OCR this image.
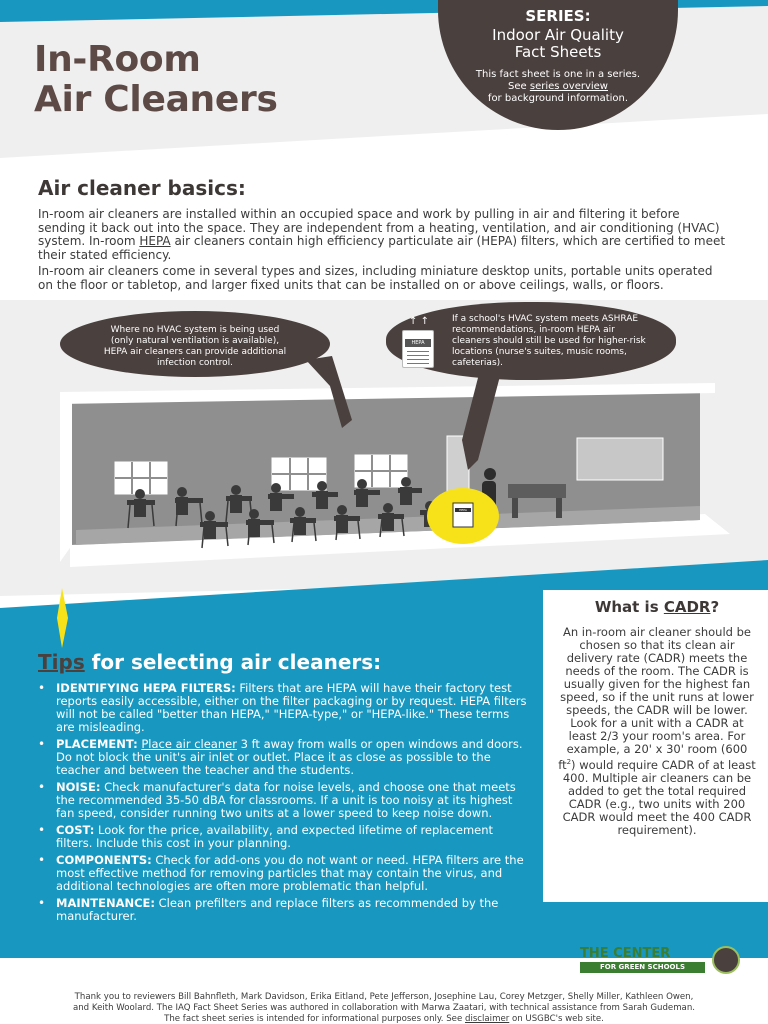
In-Room
Air Cleaners
SERIES:
Indoor Air Quality
Fact Sheets
This fact sheet is one in a series.
See series overview
for background information.
Air cleaner basics:
In-room air cleaners are installed within an occupied space and work by pulling in air and filtering it before sending it back out into the space. They are independent from a heating, ventilation, and air conditioning (HVAC) system. In-room HEPA air cleaners contain high efficiency particulate air (HEPA) filters, which are certified to meet their stated efficiency.
In-room air cleaners come in several types and sizes, including miniature desktop units, portable units operated on the floor or tabletop, and larger fixed units that can be installed on or above ceilings, walls, or floors.
Where no HVAC system is being used (only natural ventilation is available), HEPA air cleaners can provide additional infection control.
If a school's HVAC system meets ASHRAE recommendations, in-room HEPA air cleaners should still be used for higher-risk locations (nurse's suites, music rooms, cafeterias).
HEPA
↑ ↑
HEPA
Tips for selecting air cleaners:
• IDENTIFYING HEPA FILTERS: Filters that are HEPA will have their factory test reports easily accessible, either on the filter packaging or by request. HEPA filters will not be called "better than HEPA," "HEPA-type," or "HEPA-like." These terms are misleading.
• PLACEMENT: Place air cleaner 3 ft away from walls or open windows and doors. Do not block the unit's air inlet or outlet. Place it as close as possible to the teacher and between the teacher and the students.
• NOISE: Check manufacturer's data for noise levels, and choose one that meets the recommended 35-50 dBA for classrooms. If a unit is too noisy at its highest fan speed, consider running two units at a lower speed to keep noise down.
• COST: Look for the price, availability, and expected lifetime of replacement filters. Include this cost in your planning.
• COMPONENTS: Check for add-ons you do not want or need. HEPA filters are the most effective method for removing particles that may contain the virus, and additional technologies are often more problematic than helpful.
• MAINTENANCE: Clean prefilters and replace filters as recommended by the manufacturer.
What is CADR?
An in-room air cleaner should be chosen so that its clean air delivery rate (CADR) meets the needs of the room. The CADR is usually given for the highest fan speed, so if the unit runs at lower speeds, the CADR will be lower. Look for a unit with a CADR at least 2/3 your room's area. For example, a 20' x 30' room (600 $ft^2$) would require CADR of at least 400. Multiple air cleaners can be added to get the total required CADR (e.g., two units with 200 CADR would meet the 400 CADR requirement).
THE CENTER
FOR GREEN SCHOOLS
Thank you to reviewers Bill Bahnfleth, Mark Davidson, Erika Eitland, Pete Jefferson, Josephine Lau, Corey Metzger, Shelly Miller, Kathleen Owen,
and Keith Woolard. The IAQ Fact Sheet Series was authored in collaboration with Marwa Zaatari, with technical assistance from Sarah Gudeman.
The fact sheet series is intended for informational purposes only. See disclaimer on USGBC's web site.
